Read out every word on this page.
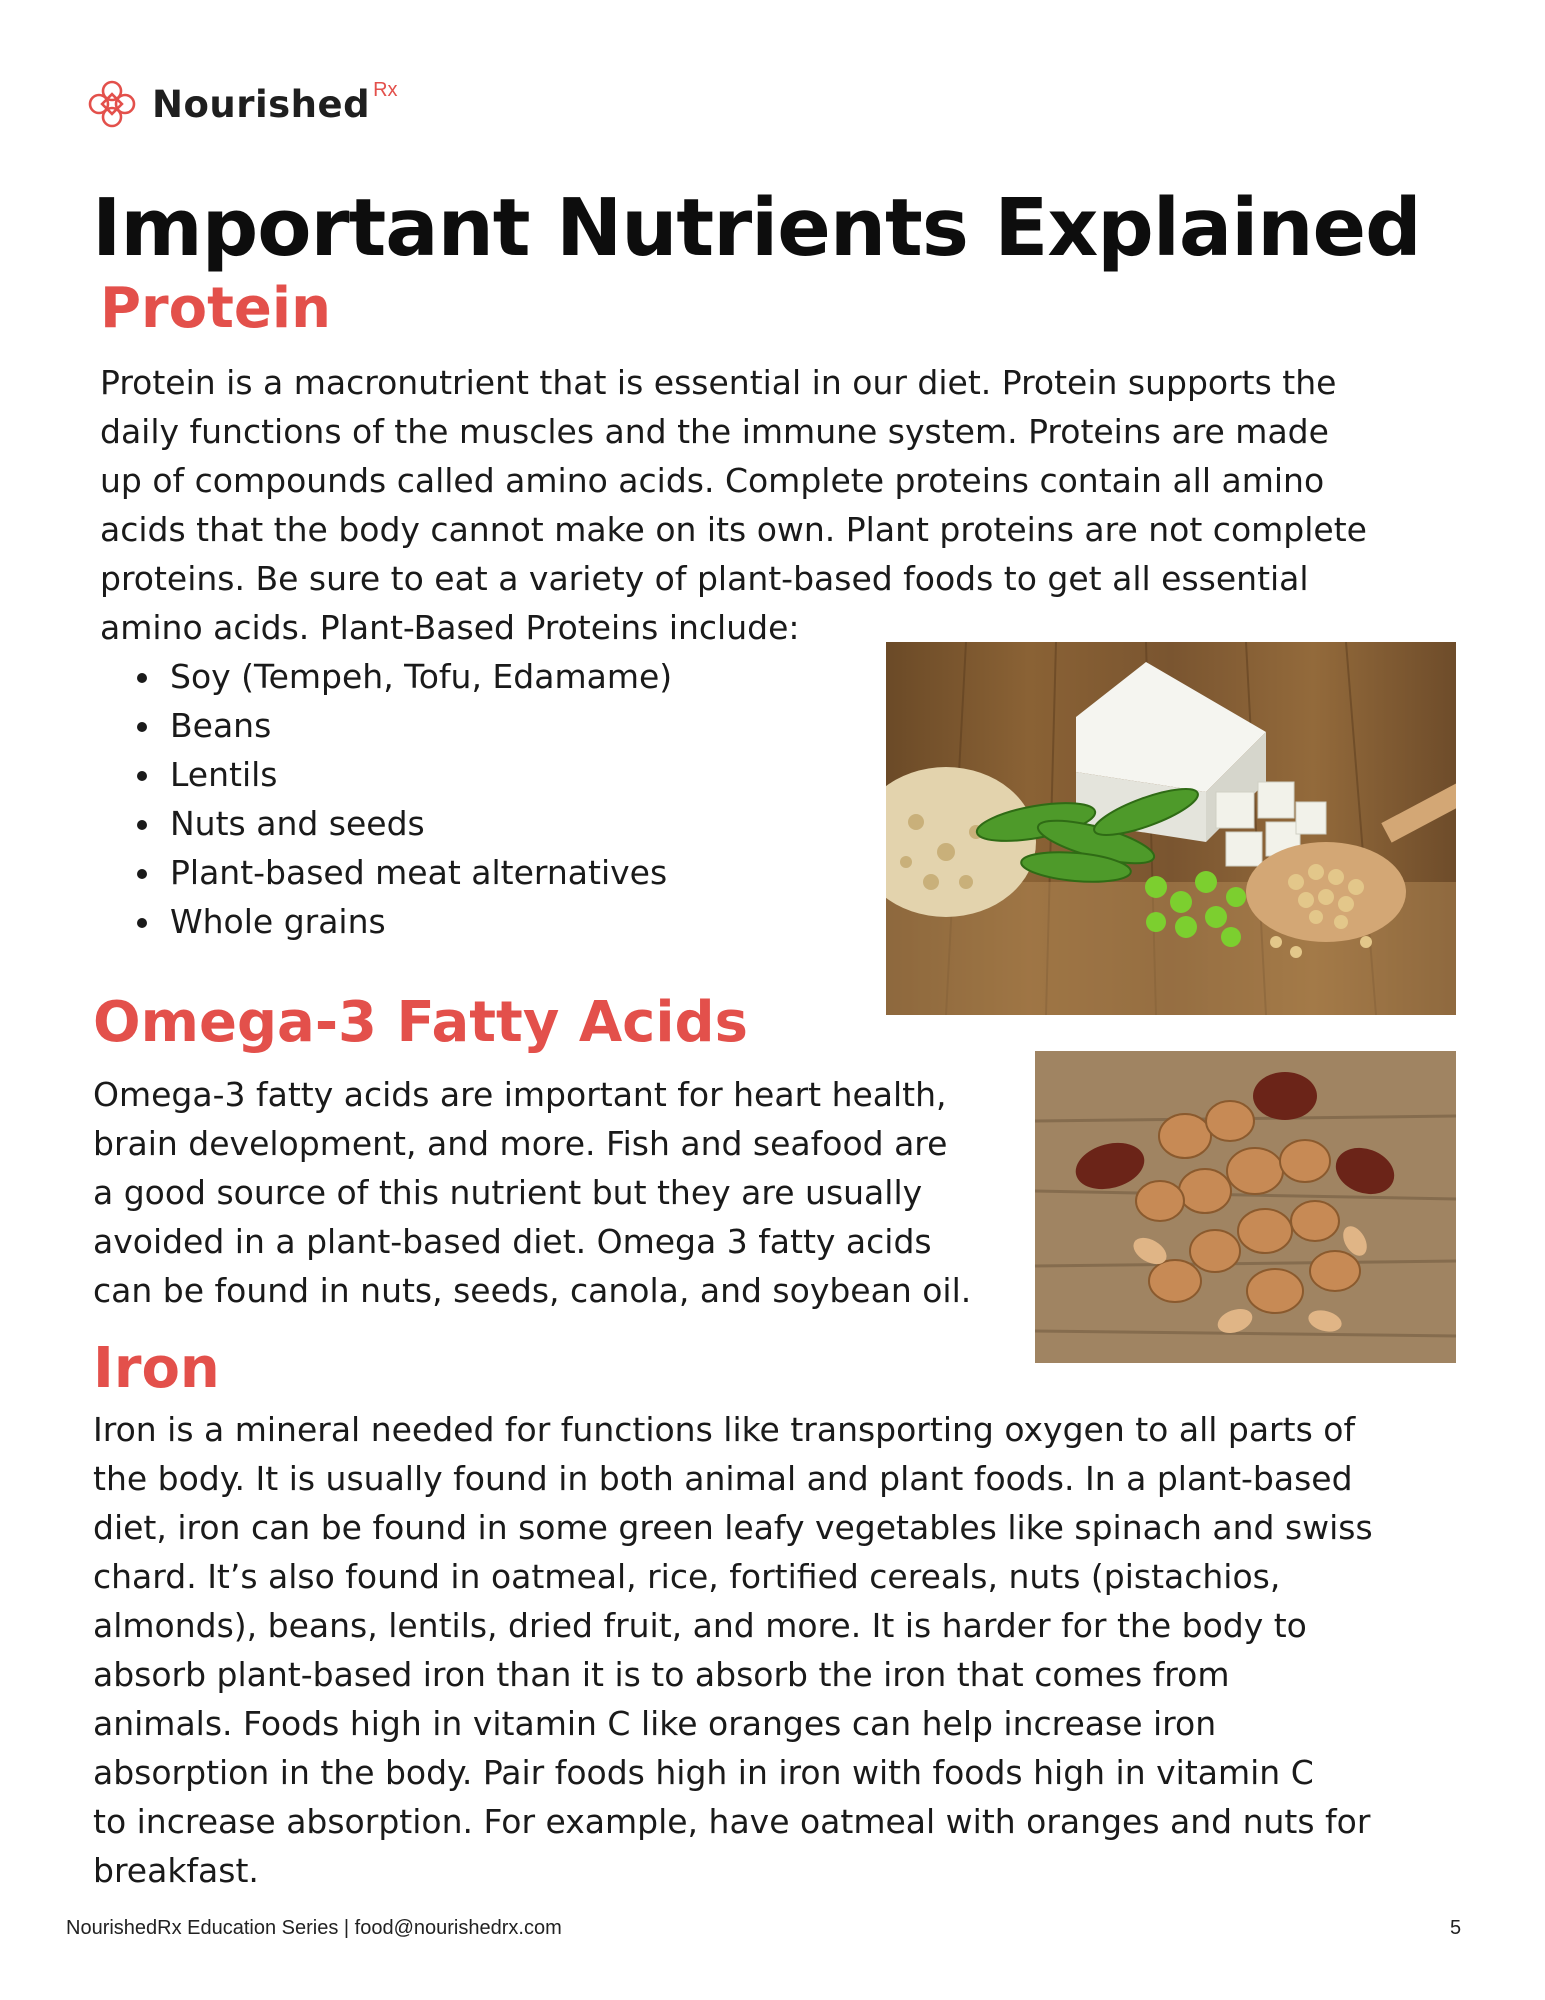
Nourished Rx
Important Nutrients Explained
Protein

Protein is a macronutrient that is essential in our diet. Protein supports the
daily functions of the muscles and the immune system. Proteins are made
up of compounds called amino acids. Complete proteins contain all amino
acids that the body cannot make on its own. Plant proteins are not complete
proteins. Be sure to eat a variety of plant-based foods to get all essential
amino acids. Plant-Based Proteins include:

Soy (Tempeh, Tofu, Edamame)
Beans
Lentils
Nuts and seeds
Plant-based meat alternatives
Whole grains
Omega-3 Fatty Acids

Omega-3 fatty acids are important for heart health,
brain development, and more. Fish and seafood are
a good source of this nutrient but they are usually
avoided in a plant-based diet. Omega 3 fatty acids
can be found in nuts, seeds, canola, and soybean oil.

Iron

Iron is a mineral needed for functions like transporting oxygen to all parts of
the body. It is usually found in both animal and plant foods. In a plant-based
diet, iron can be found in some green leafy vegetables like spinach and swiss
chard. It’s also found in oatmeal, rice, fortified cereals, nuts (pistachios,
almonds), beans, lentils, dried fruit, and more. It is harder for the body to
absorb plant-based iron than it is to absorb the iron that comes from
animals. Foods high in vitamin C like oranges can help increase iron
absorption in the body. Pair foods high in iron with foods high in vitamin C
to increase absorption. For example, have oatmeal with oranges and nuts for
breakfast.

NourishedRx Education Series | food@nourishedrx.com	5
